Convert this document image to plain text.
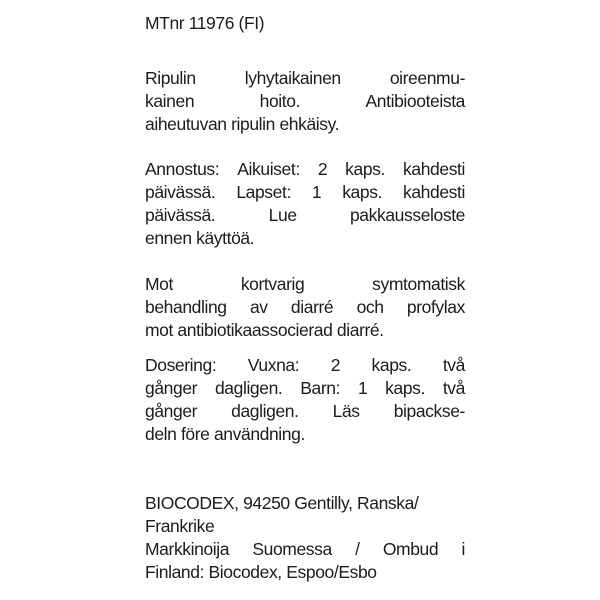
MTnr 11976 (FI)
Ripulin	lyhytaikainen	oireenmu-
kainen	hoito.	Antibiooteista
aiheutuvan ripulin ehkäisy.
Annostus: Aikuiset: 2 kaps. kahdesti
päivässä. Lapset: 1 kaps. kahdesti
päivässä.	Lue	pakkausseloste
ennen käyttöä.
Mot	kortvarig	symtomatisk
behandling av diarré och profylax
mot antibiotikaassocierad diarré.
Dosering: Vuxna: 2 kaps. två
gånger dagligen. Barn: 1 kaps. två
gånger dagligen. Läs bipackse-
deln före användning.
BIOCODEX, 94250 Gentilly, Ranska/
Frankrike
Markkinoija Suomessa / Ombud i
Finland: Biocodex, Espoo/Esbo
